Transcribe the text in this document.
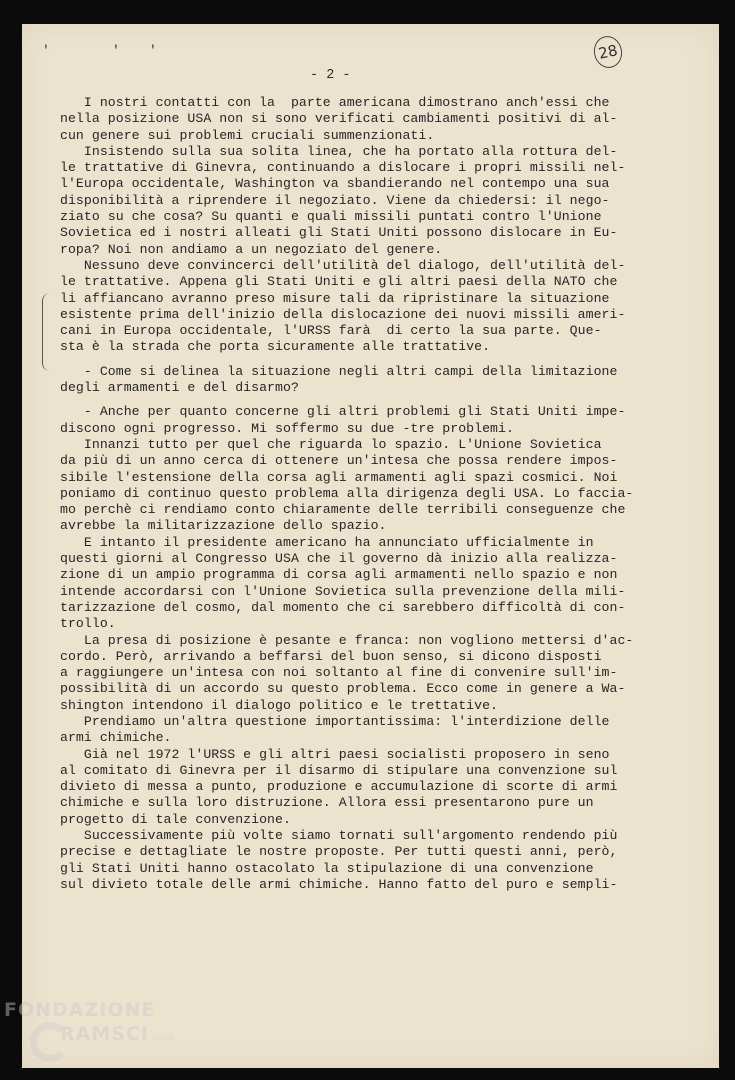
'	' '	28
- 2 -
I nostri contatti con la  parte americana dimostrano anch'essi che
nella posizione USA non si sono verificati cambiamenti positivi di al-
cun genere sui problemi cruciali summenzionati.
Insistendo sulla sua solita linea, che ha portato alla rottura del-
le trattative di Ginevra, continuando a dislocare i propri missili nel-
l'Europa occidentale, Washington va sbandierando nel contempo una sua
disponibilità a riprendere il negoziato. Viene da chiedersi: il nego-
ziato su che cosa? Su quanti e quali missili puntati contro l'Unione
Sovietica ed i nostri alleati gli Stati Uniti possono dislocare in Eu-
ropa? Noi non andiamo a un negoziato del genere.
Nessuno deve convincerci dell'utilità del dialogo, dell'utilità del-
le trattative. Appena gli Stati Uniti e gli altri paesi della NATO che
li affiancano avranno preso misure tali da ripristinare la situazione
esistente prima dell'inizio della dislocazione dei nuovi missili ameri-
cani in Europa occidentale, l'URSS farà  di certo la sua parte. Que-
sta è la strada che porta sicuramente alle trattative.
- Come si delinea la situazione negli altri campi della limitazione
degli armamenti e del disarmo?
- Anche per quanto concerne gli altri problemi gli Stati Uniti impe-
discono ogni progresso. Mi soffermo su due -tre problemi.
Innanzi tutto per quel che riguarda lo spazio. L'Unione Sovietica
da più di un anno cerca di ottenere un'intesa che possa rendere impos-
sibile l'estensione della corsa agli armamenti agli spazi cosmici. Noi
poniamo di continuo questo problema alla dirigenza degli USA. Lo faccia-
mo perchè ci rendiamo conto chiaramente delle terribili conseguenze che
avrebbe la militarizzazione dello spazio.
E intanto il presidente americano ha annunciato ufficialmente in
questi giorni al Congresso USA che il governo dà inizio alla realizza-
zione di un ampio programma di corsa agli armamenti nello spazio e non
intende accordarsi con l'Unione Sovietica sulla prevenzione della mili-
tarizzazione del cosmo, dal momento che ci sarebbero difficoltà di con-
trollo.
La presa di posizione è pesante e franca: non vogliono mettersi d'ac-
cordo. Però, arrivando a beffarsi del buon senso, si dicono disposti
a raggiungere un'intesa con noi soltanto al fine di convenire sull'im-
possibilità di un accordo su questo problema. Ecco come in genere a Wa-
shington intendono il dialogo politico e le trettative.
Prendiamo un'altra questione importantissima: l'interdizione delle
armi chimiche.
Già nel 1972 l'URSS e gli altri paesi socialisti proposero in seno
al comitato di Ginevra per il disarmo di stipulare una convenzione sul
divieto di messa a punto, produzione e accumulazione di scorte di armi
chimiche e sulla loro distruzione. Allora essi presentarono pure un
progetto di tale convenzione.
Successivamente più volte siamo tornati sull'argomento rendendo più
precise e dettagliate le nostre proposte. Per tutti questi anni, però,
gli Stati Uniti hanno ostacolato la stipulazione di una convenzione
sul divieto totale delle armi chimiche. Hanno fatto del puro e sempli-
FONDAZIONE
RAMSCI onlus
